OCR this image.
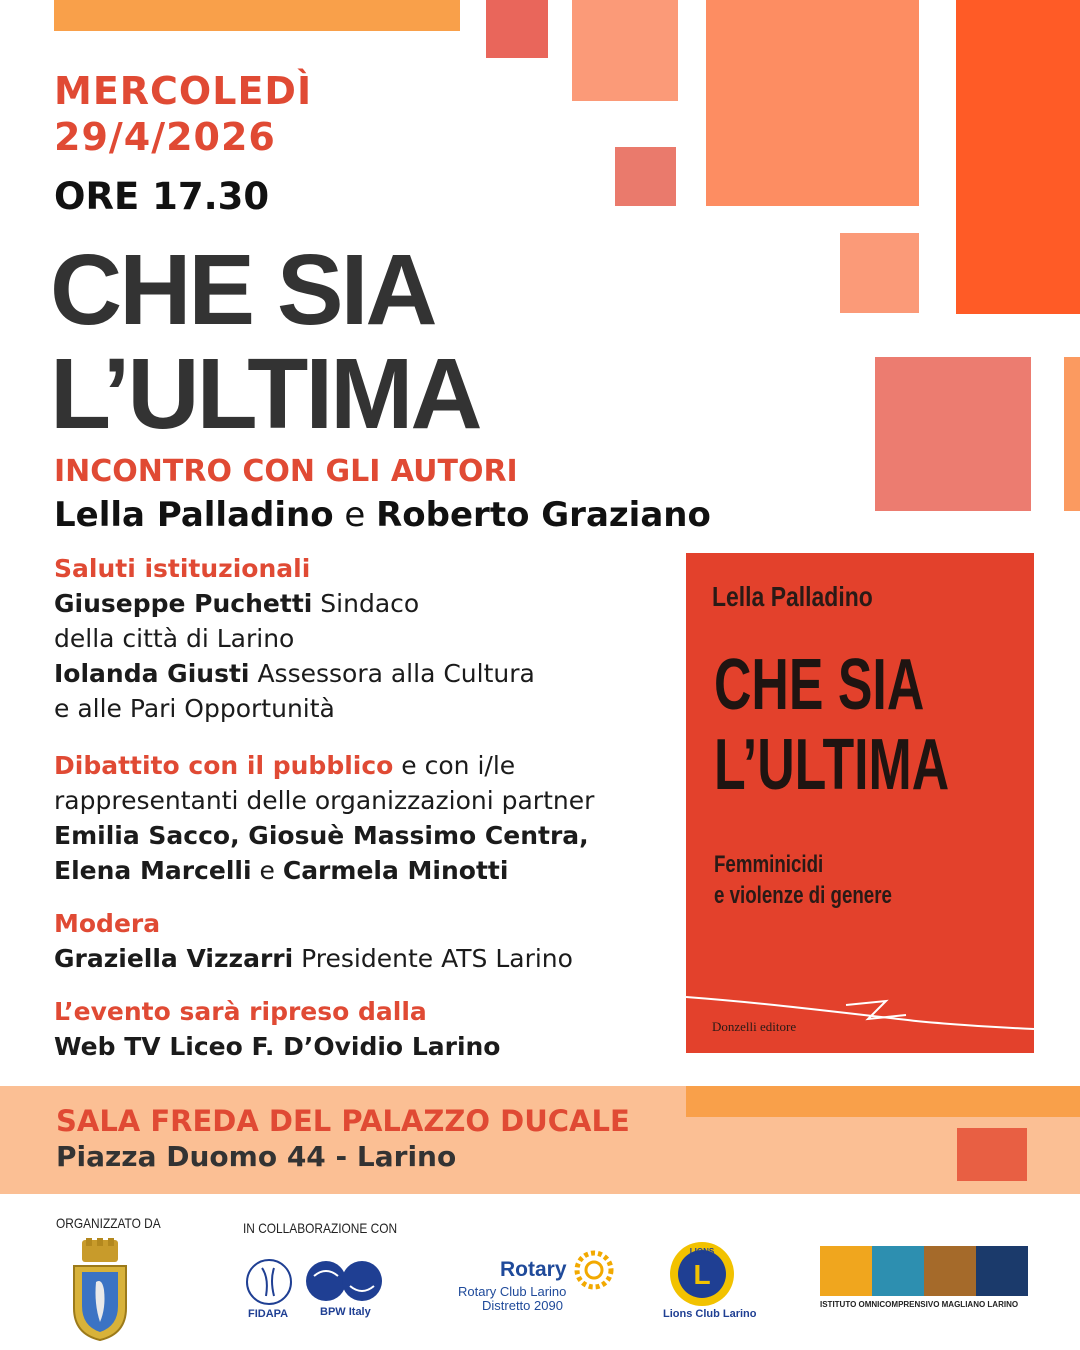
MERCOLEDÌ
29/4/2026
ORE 17.30
CHE SIA
L’ULTIMA
INCONTRO CON GLI AUTORI
Lella Palladino e Roberto Graziano
Saluti istituzionali
Giuseppe Puchetti Sindaco
della città di Larino
Iolanda Giusti Assessora alla Cultura
e alle Pari Opportunità
Dibattito con il pubblico e con i/le
rappresentanti delle organizzazioni partner
Emilia Sacco, Giosuè Massimo Centra,
Elena Marcelli e Carmela Minotti
Modera
Graziella Vizzarri Presidente ATS Larino
L’evento sarà ripreso dalla
Web TV Liceo F. D’Ovidio Larino
Lella Palladino
CHE SIA
L’ULTIMA
Femminicidi
e violenze di genere
Donzelli editore
SALA FREDA DEL PALAZZO DUCALE
Piazza Duomo 44 - Larino
ORGANIZZATO DA	IN COLLABORAZIONE CON
FIDAPA	BPW Italy
Rotary
Rotary Club Larino
Distretto 2090
L
LIONS
Lions Club Larino
ISTITUTO OMNICOMPRENSIVO MAGLIANO LARINO
